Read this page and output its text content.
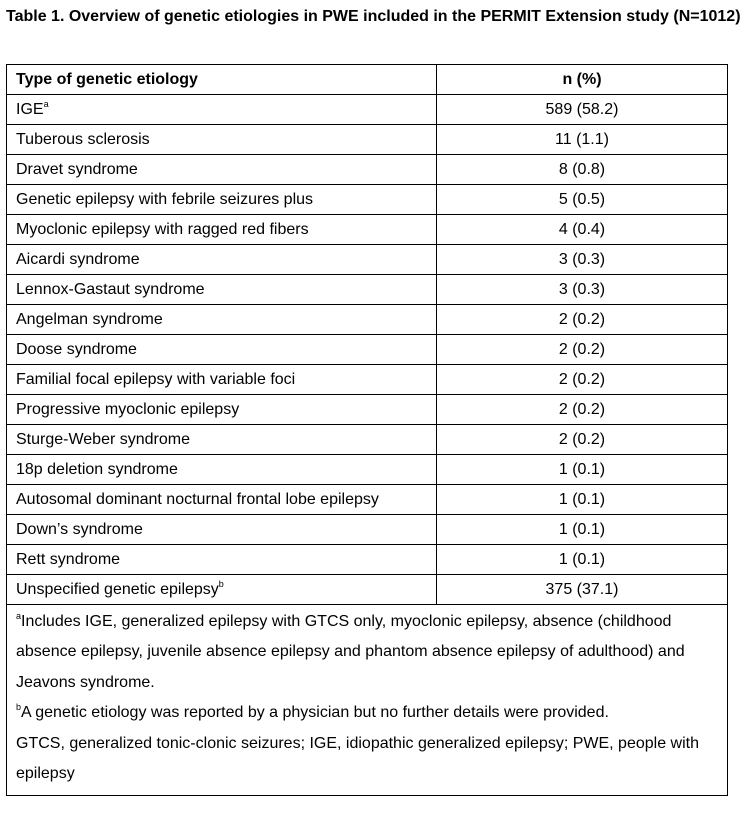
Table 1. Overview of genetic etiologies in PWE included in the PERMIT Extension study (N=1012)
Type of genetic etiology	n (%)
IGE$^a$	589 (58.2)
Tuberous sclerosis	11 (1.1)
Dravet syndrome	8 (0.8)
Genetic epilepsy with febrile seizures plus	5 (0.5)
Myoclonic epilepsy with ragged red fibers	4 (0.4)
Aicardi syndrome	3 (0.3)
Lennox-Gastaut syndrome	3 (0.3)
Angelman syndrome	2 (0.2)
Doose syndrome	2 (0.2)
Familial focal epilepsy with variable foci	2 (0.2)
Progressive myoclonic epilepsy	2 (0.2)
Sturge-Weber syndrome	2 (0.2)
18p deletion syndrome	1 (0.1)
Autosomal dominant nocturnal frontal lobe epilepsy	1 (0.1)
Down’s syndrome	1 (0.1)
Rett syndrome	1 (0.1)
Unspecified genetic epilepsy$^b$	375 (37.1)

$^a$Includes IGE, generalized epilepsy with GTCS only, myoclonic epilepsy, absence (childhood absence epilepsy, juvenile absence epilepsy and phantom absence epilepsy of adulthood) and Jeavons syndrome.
$^b$A genetic etiology was reported by a physician but no further details were provided.
GTCS, generalized tonic-clonic seizures; IGE, idiopathic generalized epilepsy; PWE, people with epilepsy	
